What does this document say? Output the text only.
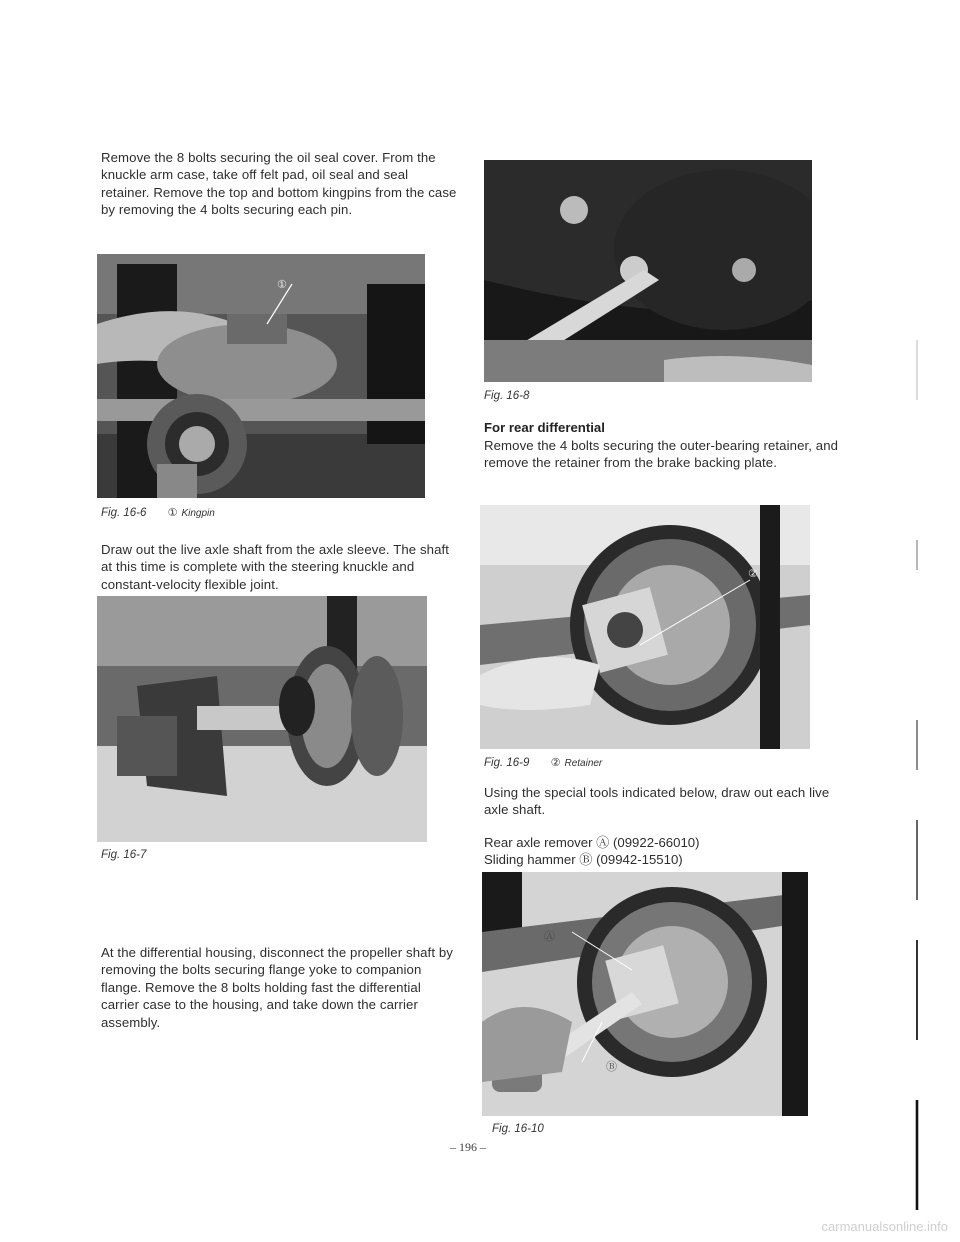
Remove the 8 bolts securing the oil seal cover. From the knuckle arm case, take off felt pad, oil seal and seal retainer. Remove the top and bottom kingpins from the case by removing the 4 bolts securing each pin.

①
Fig. 16-6 ① Kingpin

Draw out the live axle shaft from the axle sleeve. The shaft at this time is complete with the steering knuckle and constant-velocity flexible joint.

Fig. 16-7

At the differential housing, disconnect the propeller shaft by removing the bolts securing flange yoke to companion flange. Remove the 8 bolts holding fast the differential carrier case to the housing, and take down the carrier assembly.

Fig. 16-8
For rear differential

Remove the 4 bolts securing the outer-bearing retainer, and remove the retainer from the brake backing plate.

②
Fig. 16-9 ② Retainer

Using the special tools indicated below, draw out each live axle shaft.

Rear axle remover Ⓐ (09922-66010)
Sliding hammer Ⓑ (09942-15510)
Ⓐ
Ⓑ
Fig. 16-10
– 196 –
carmanualsonline.info
